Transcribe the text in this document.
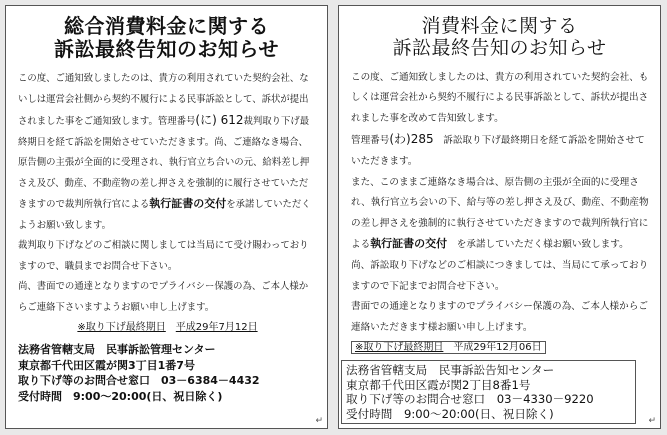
総合消費料金に関する
訴訟最終告知のお知らせ

この度、ご通知致しましたのは、貴方の利用されていた契約会社、ないしは運営会社側から契約不履行による民事訴訟として、訴状が提出されました事をご通知致します。管理番号(に) 612裁判取り下げ最終期日を経て訴訟を開始させていただきます。尚、ご連絡なき場合、原告側の主張が全面的に受理され、執行官立ち合いの元、給料差し押さえ及び、動産、不動産物の差し押さえを強制的に履行させていただきますので裁判所執行官による執行証書の交付を承諾していただくようお願い致します。

裁判取り下げなどのご相談に関しましては当局にて受け賜わっておりますので、職員までお問合せ下さい。

尚、書面での通達となりますのでプライバシー保護の為、ご本人様からご連絡下さいますようお願い申し上げます。

※取り下げ最終期日　 平成29年7月12日
法務省管轄支局　民事訴訟管理センター
東京都千代田区霞が関3丁目1番7号
取り下げ等のお問合せ窓口　03－6384－4432
受付時間　9:00～20:00(日、祝日除く)
↵
消費料金に関する
訴訟最終告知のお知らせ

この度、ご通知致しましたのは、貴方の利用されていた契約会社、もしくは運営会社から契約不履行による民事訴訟として、訴状が提出されました事を改めて告知致します。

管理番号(わ)285　 訴訟取り下げ最終期日を経て訴訟を開始させていただきます。

また、このままご連絡なき場合は、原告側の主張が全面的に受理され、執行官立ち会いの下、給与等の差し押さえ及び、動産、不動産物の差し押さえを強制的に執行させていただきますので裁判所執行官による執行証書の交付　 を承諾していただく様お願い致します。

尚、訴訟取り下げなどのご相談につきましては、当局にて承っておりますので下記までお問合せ下さい。

書面での通達となりますのでプライバシー保護の為、ご本人様からご連絡いただきます様お願い申し上げます。

※取り下げ最終期日　 平成29年12月06日
法務省管轄支局　民事訴訟告知センター
東京都千代田区霞が関2丁目8番1号
取り下げ等のお問合せ窓口　03－4330－9220
受付時間　9:00～20:00(日、祝日除く)
↵
